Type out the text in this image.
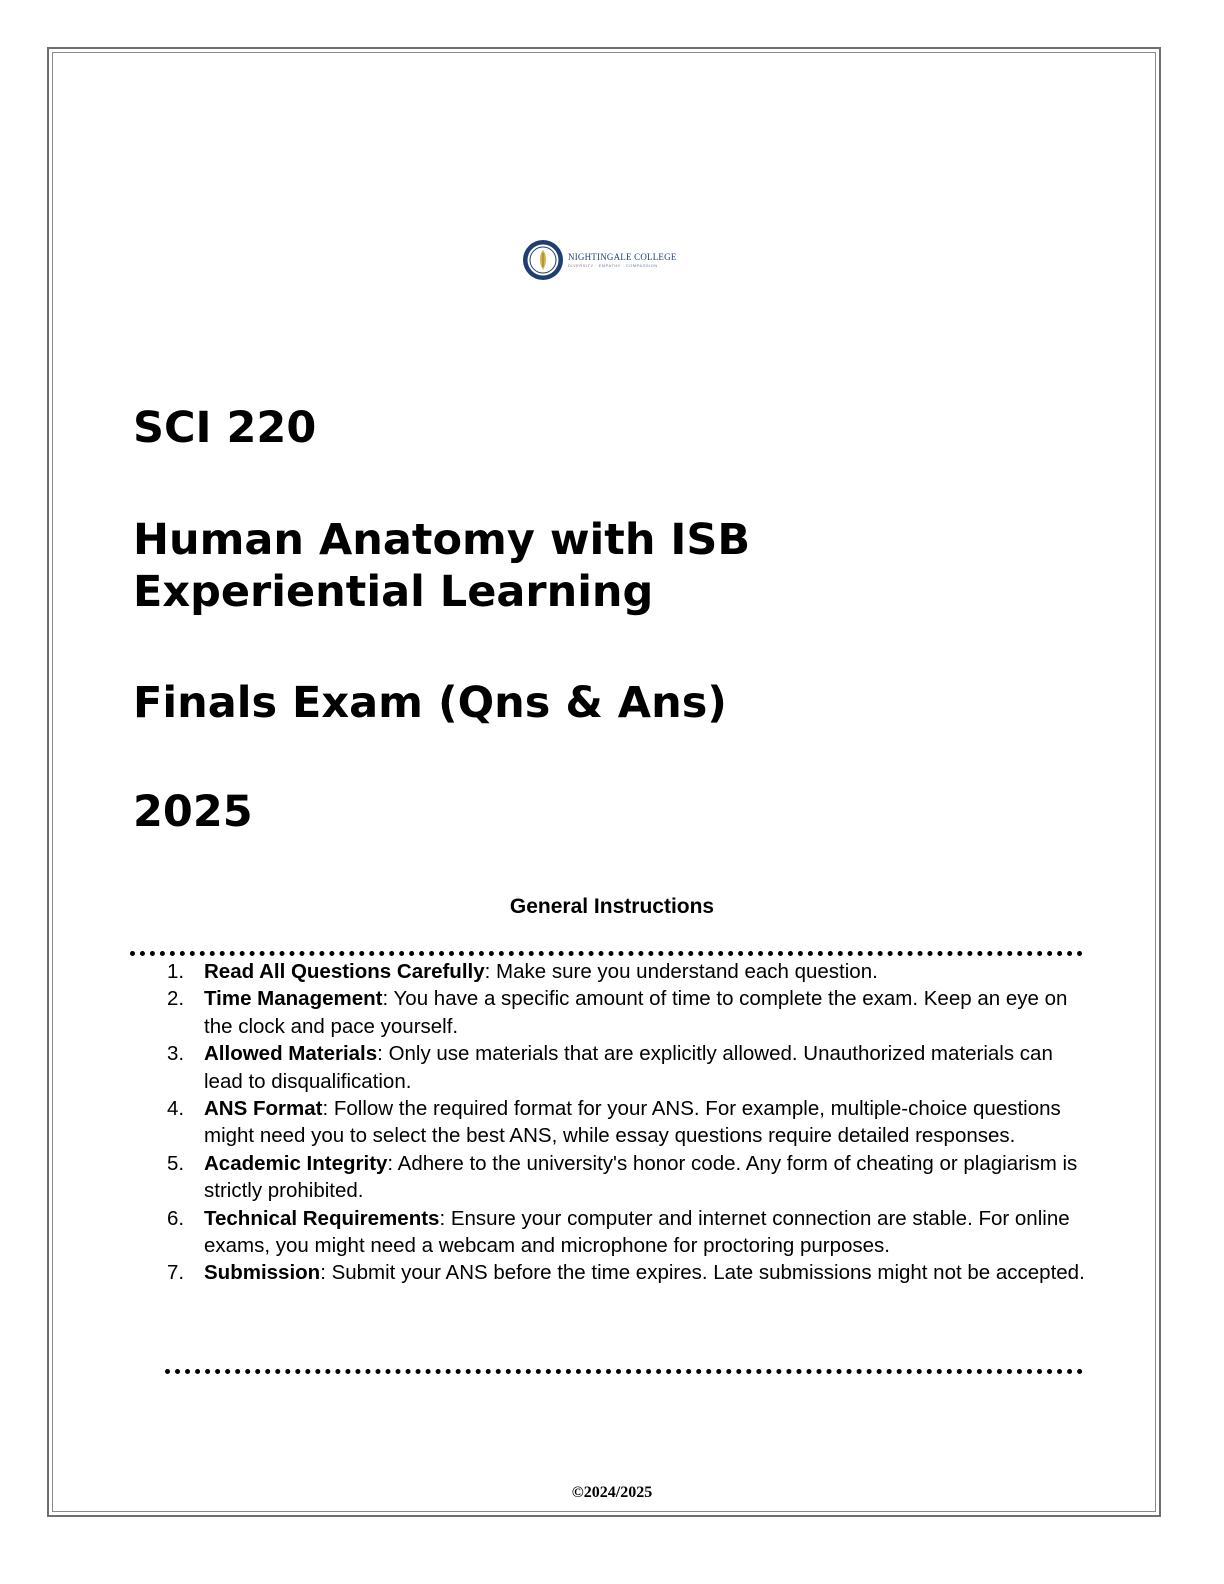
NIGHTINGALE COLLEGE
DIVERSITY · EMPATHY · COMPASSION
SCI 220
Human Anatomy with ISB Experiential Learning
Finals Exam (Qns & Ans)
2025
General Instructions
1. Read All Questions Carefully: Make sure you understand each question.
2. Time Management: You have a specific amount of time to complete the exam. Keep an eye on the clock and pace yourself.
3. Allowed Materials: Only use materials that are explicitly allowed. Unauthorized materials can lead to disqualification.
4. ANS Format: Follow the required format for your ANS. For example, multiple-choice questions might need you to select the best ANS, while essay questions require detailed responses.
5. Academic Integrity: Adhere to the university's honor code. Any form of cheating or plagiarism is strictly prohibited.
6. Technical Requirements: Ensure your computer and internet connection are stable. For online exams, you might need a webcam and microphone for proctoring purposes.
7. Submission: Submit your ANS before the time expires. Late submissions might not be accepted.

©2024/2025
